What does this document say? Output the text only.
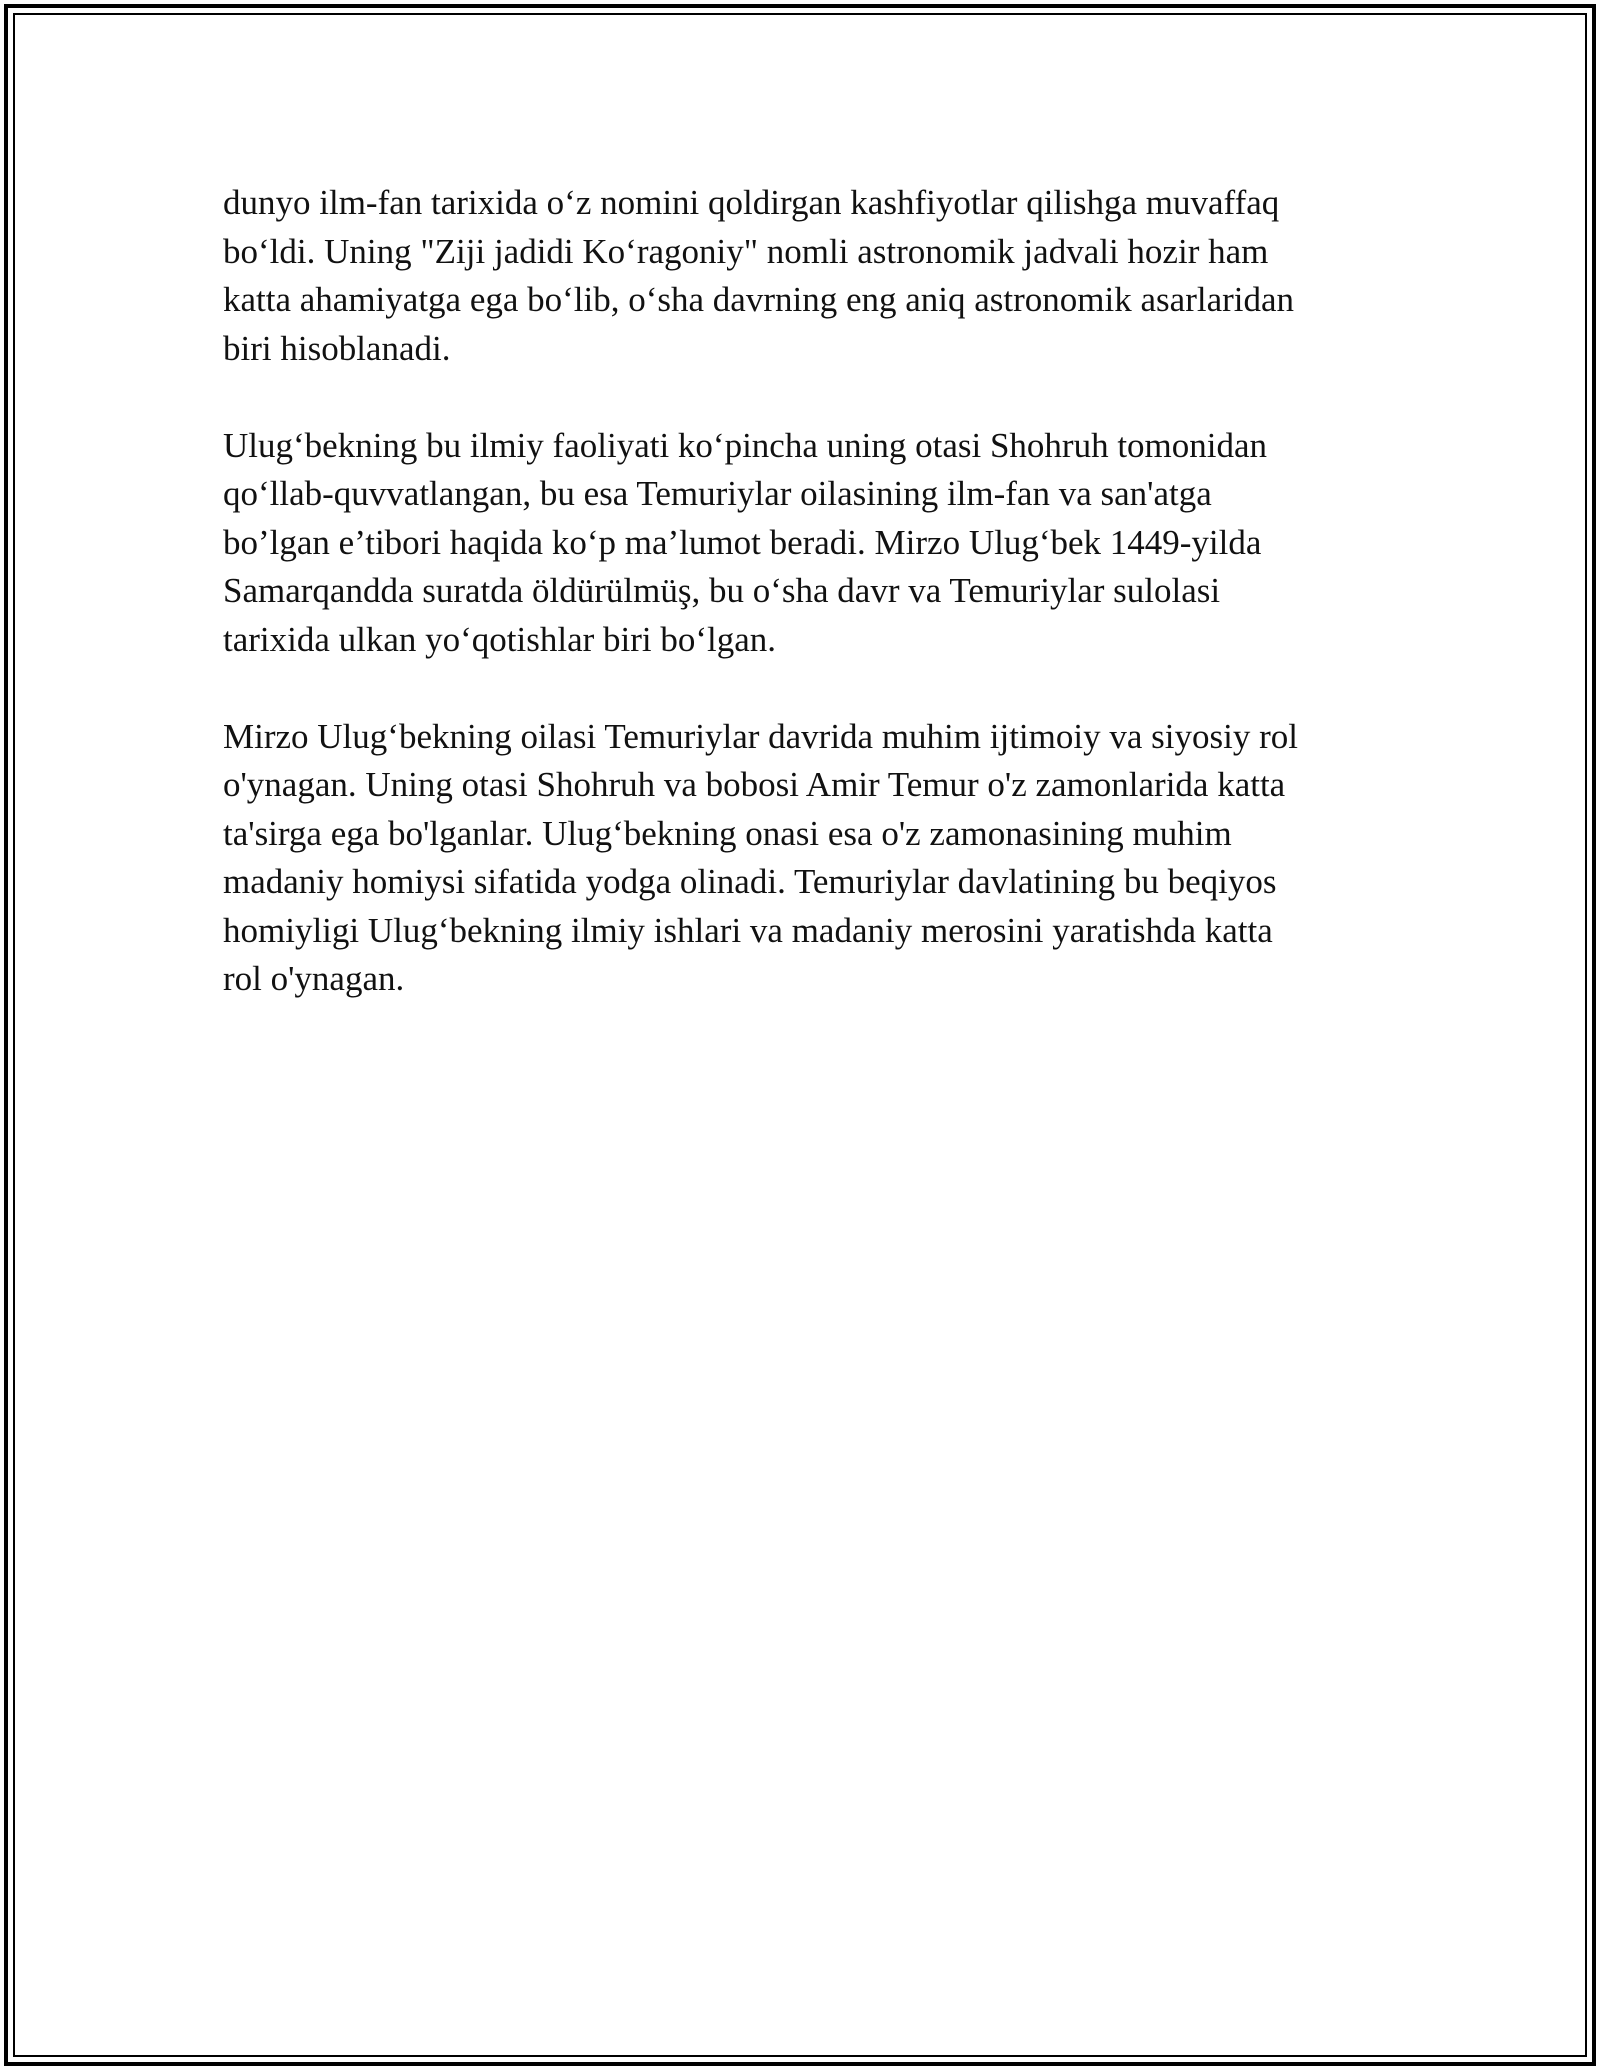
dunyo ilm-fan tarixida o‘z nomini qoldirgan kashfiyotlar qilishga muvaffaq
bo‘ldi. Uning "Ziji jadidi Ko‘ragoniy" nomli astronomik jadvali hozir ham
katta ahamiyatga ega bo‘lib, o‘sha davrning eng aniq astronomik asarlaridan
biri hisoblanadi.

Ulug‘bekning bu ilmiy faoliyati ko‘pincha uning otasi Shohruh tomonidan
qo‘llab-quvvatlangan, bu esa Temuriylar oilasining ilm-fan va san'atga
bo’lgan e’tibori haqida ko‘p ma’lumot beradi. Mirzo Ulug‘bek 1449-yilda
Samarqandda suratda öldürülmüş, bu o‘sha davr va Temuriylar sulolasi
tarixida ulkan yo‘qotishlar biri bo‘lgan.

Mirzo Ulug‘bekning oilasi Temuriylar davrida muhim ijtimoiy va siyosiy rol
o'ynagan. Uning otasi Shohruh va bobosi Amir Temur o'z zamonlarida katta
ta'sirga ega bo'lganlar. Ulug‘bekning onasi esa o'z zamonasining muhim
madaniy homiysi sifatida yodga olinadi. Temuriylar davlatining bu beqiyos
homiyligi Ulug‘bekning ilmiy ishlari va madaniy merosini yaratishda katta
rol o'ynagan.
